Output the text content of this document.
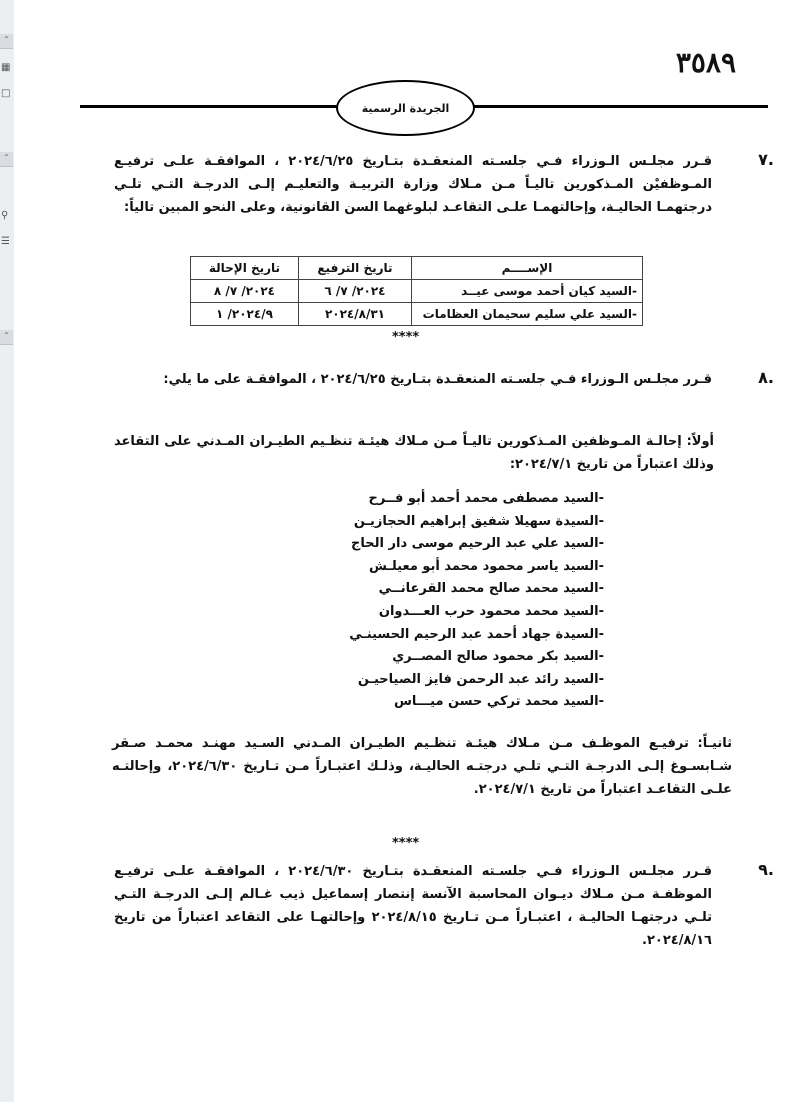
⌃
▦
□
⌃
⚲
☰
⌃
٣٥٨٩
الجريدة الرسمية
٧.
قـرر مجلـس الـوزراء فـي جلسـته المنعقـدة بتـاريخ ٢٠٢٤/٦/٢٥ ، الموافقـة علـى ترفيـع المـوظفيْن المـذكورين تاليـاً مـن مـلاك وزارة التربيـة والتعليـم إلـى الدرجـة التـي تلـي درجتهمـا الحاليـة، وإحالتهمـا علـى التقاعـد لبلوغهما السن القانونية، وعلى النحو المبين تالياً:
الإســــم	تاريخ الترفيع	تاريخ الإحالة
-السيد كيان أحمد موسى عيــد	٢٠٢٤/ ٧/ ٦	٢٠٢٤/ ٧/ ٨
-السيد علي سليم سحيمان العظامات	٢٠٢٤/٨/٣١	٢٠٢٤/٩/ ١
****
٨.
قـرر مجلـس الـوزراء فـي جلسـته المنعقـدة بتـاريخ ٢٠٢٤/٦/٢٥ ، الموافقـة على ما يلي:
أولاً: إحالـة المـوظفين المـذكورين تاليـاً مـن مـلاك هيئـة تنظـيم الطيـران المـدني على التقاعد وذلك اعتباراً من تاريخ ٢٠٢٤/٧/١:
-السيد مصطفى محمد أحمد أبو فــرح
-السيدة سهيلا شفيق إبراهيم الحجازيـن
-السيد علي عبد الرحيم موسى دار الحاج
-السيد ياسر محمود محمد أبو معيلـش
-السيد محمد صالح محمد القرعانــي
-السيد محمد محمود حرب العـــدوان
-السيدة جهاد أحمد عبد الرحيم الحسينـي
-السيد بكر محمود صالح المصــري
-السيد رائد عبد الرحمن فايز الصياحيـن
-السيد محمد تركي حسن ميـــاس
ثانيـاً: ترفيـع الموظـف مـن مـلاك هيئـة تنظـيم الطيـران المـدني السـيد مهنـد محمـد صـقر شـابسـوغ إلـى الدرجـة التـي تلـي درجتـه الحاليـة، وذلـك اعتبـاراً مـن تـاريخ ٢٠٢٤/٦/٣٠، وإحالتـه علـى التقاعـد اعتباراً من تاريخ ٢٠٢٤/٧/١.
****
٩.
قـرر مجلـس الـوزراء فـي جلسـته المنعقـدة بتـاريخ ٢٠٢٤/٦/٣٠ ، الموافقـة علـى ترفيـع الموظفـة مـن مـلاك ديـوان المحاسبة الآنسة إنتصار إسماعيل ذيب غـالم إلـى الدرجـة التـي تلـي درجتهـا الحاليـة ، اعتبـاراً مـن تـاريخ ٢٠٢٤/٨/١٥ وإحالتهـا على التقاعد اعتباراً من تاريخ ٢٠٢٤/٨/١٦.
